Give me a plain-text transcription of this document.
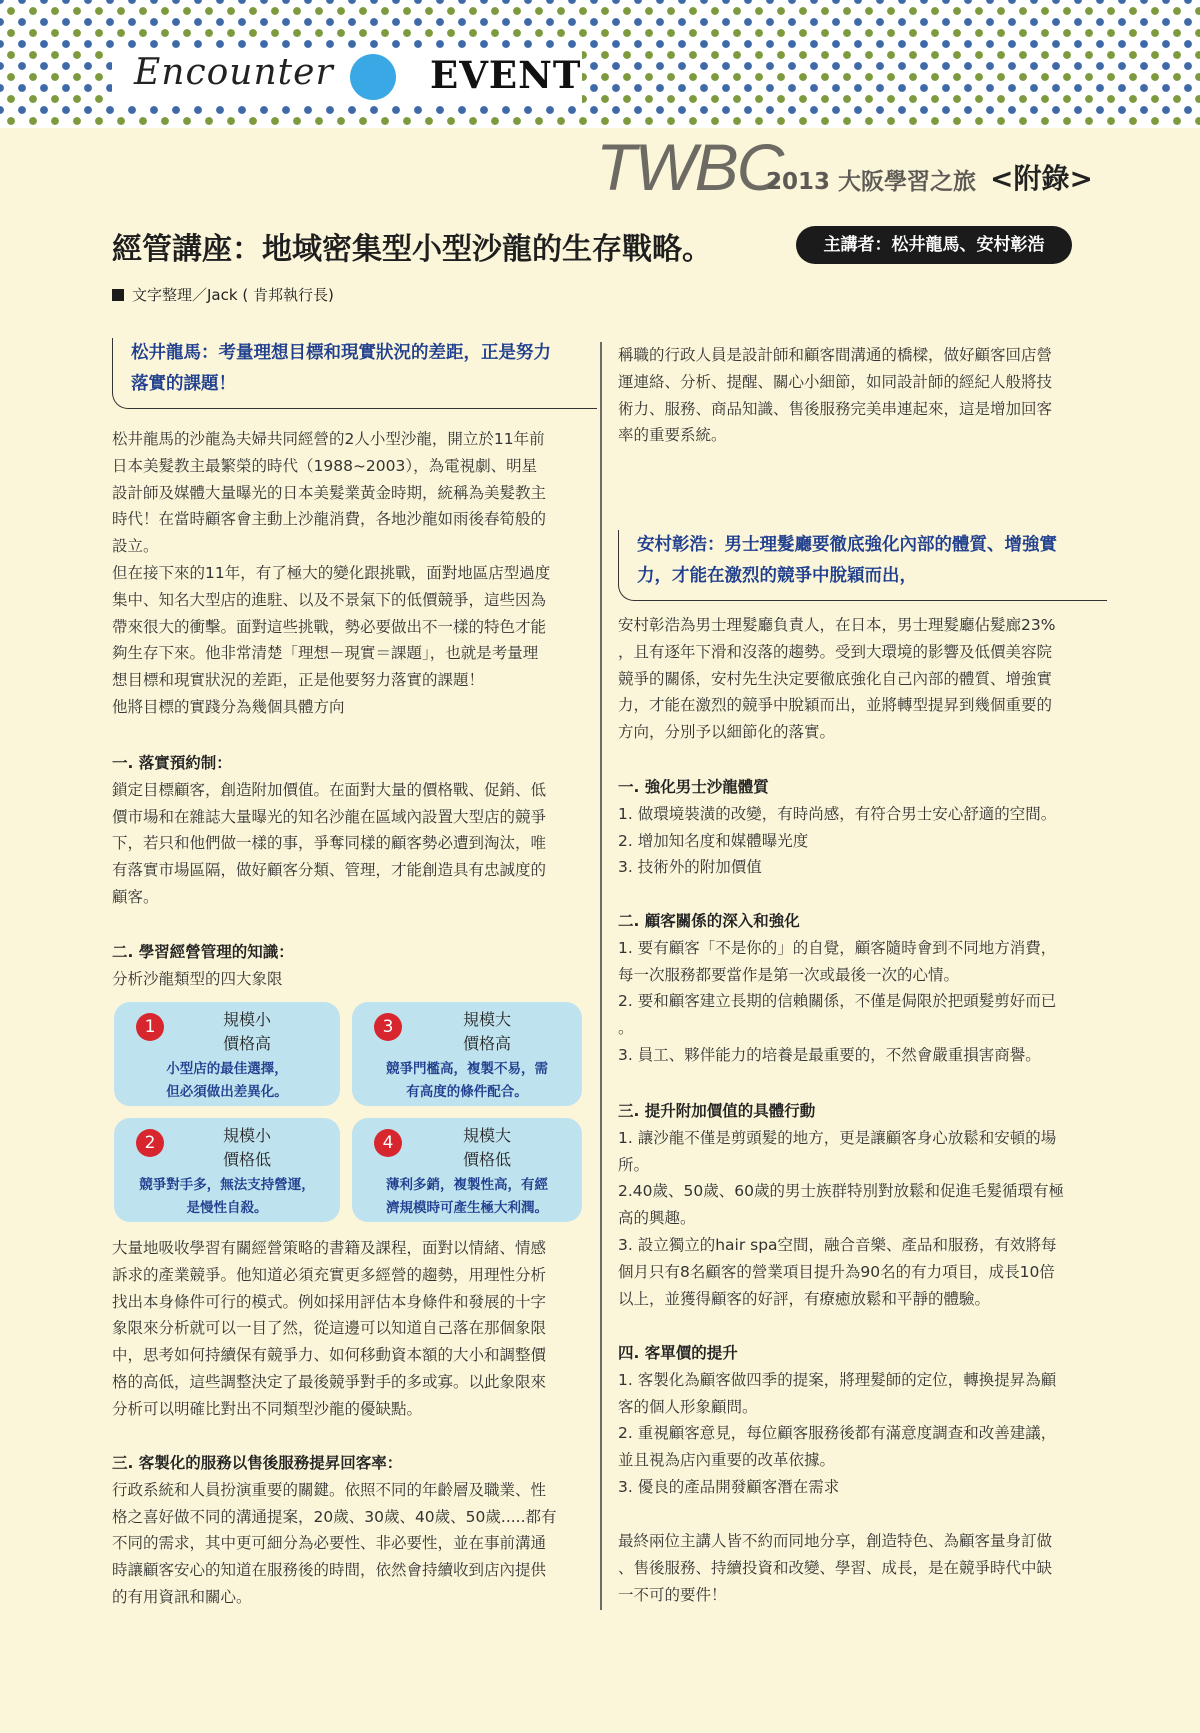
Encounter	EVENT
TWBC
2013 大阪學習之旅 <附錄>
經管講座：地域密集型小型沙龍的生存戰略。	主講者：松井龍馬、安村彰浩
文字整理／Jack ( 肯邦執行長)
松井龍馬：考量理想目標和現實狀況的差距，正是努力
落實的課題！

松井龍馬的沙龍為夫婦共同經營的2人小型沙龍，開立於11年前

日本美髮教主最繁榮的時代（1988~2003），為電視劇、明星

設計師及媒體大量曝光的日本美髮業黃金時期，統稱為美髮教主

時代！在當時顧客會主動上沙龍消費，各地沙龍如雨後春筍般的

設立。

但在接下來的11年，有了極大的變化跟挑戰，面對地區店型過度

集中、知名大型店的進駐、以及不景氣下的低價競爭，這些因為

帶來很大的衝擊。面對這些挑戰，勢必要做出不一樣的特色才能

夠生存下來。他非常清楚「理想－現實＝課題」，也就是考量理

想目標和現實狀況的差距，正是他要努力落實的課題！

他將目標的實踐分為幾個具體方向

一. 落實預約制：

鎖定目標顧客，創造附加價值。在面對大量的價格戰、促銷、低

價市場和在雜誌大量曝光的知名沙龍在區域內設置大型店的競爭

下，若只和他們做一樣的事，爭奪同樣的顧客勢必遭到淘汰，唯

有落實市場區隔，做好顧客分類、管理，才能創造具有忠誠度的

顧客。

二. 學習經營管理的知識：

分析沙龍類型的四大象限

1	規模小
價格高
小型店的最佳選擇，
但必須做出差異化。
3	規模大
價格高
競爭門檻高，複製不易，需
有高度的條件配合。
2	規模小
價格低
競爭對手多，無法支持營運，
是慢性自殺。
4	規模大
價格低
薄利多銷，複製性高，有經
濟規模時可產生極大利潤。

大量地吸收學習有關經營策略的書籍及課程，面對以情緒、情感

訴求的產業競爭。他知道必須充實更多經營的趨勢，用理性分析

找出本身條件可行的模式。例如採用評估本身條件和發展的十字

象限來分析就可以一目了然，從這邊可以知道自己落在那個象限

中，思考如何持續保有競爭力、如何移動資本額的大小和調整價

格的高低，這些調整決定了最後競爭對手的多或寡。以此象限來

分析可以明確比對出不同類型沙龍的優缺點。

三. 客製化的服務以售後服務提昇回客率：

行政系統和人員扮演重要的關鍵。依照不同的年齡層及職業、性

格之喜好做不同的溝通提案，20歲、30歲、40歲、50歲.....都有

不同的需求，其中更可細分為必要性、非必要性，並在事前溝通

時讓顧客安心的知道在服務後的時間，依然會持續收到店內提供

的有用資訊和關心。

稱職的行政人員是設計師和顧客間溝通的橋樑，做好顧客回店營

運連絡、分析、提醒、關心小細節，如同設計師的經紀人般將技

術力、服務、商品知識、售後服務完美串連起來，這是增加回客

率的重要系統。

安村彰浩：男士理髮廳要徹底強化內部的體質、增強實
力，才能在激烈的競爭中脫穎而出，

安村彰浩為男士理髮廳負責人，在日本，男士理髮廳佔髮廊23%

，且有逐年下滑和沒落的趨勢。受到大環境的影響及低價美容院

競爭的關係，安村先生決定要徹底強化自己內部的體質、增強實

力，才能在激烈的競爭中脫穎而出，並將轉型提昇到幾個重要的

方向，分別予以細節化的落實。

一. 強化男士沙龍體質

1. 做環境裝潢的改變，有時尚感，有符合男士安心舒適的空間。

2. 增加知名度和媒體曝光度

3. 技術外的附加價值

二. 顧客關係的深入和強化

1. 要有顧客「不是你的」的自覺，顧客隨時會到不同地方消費，

每一次服務都要當作是第一次或最後一次的心情。

2. 要和顧客建立長期的信賴關係，不僅是侷限於把頭髮剪好而已

。

3. 員工、夥伴能力的培養是最重要的，不然會嚴重損害商譽。

三. 提升附加價值的具體行動

1. 讓沙龍不僅是剪頭髮的地方，更是讓顧客身心放鬆和安頓的場

所。

2.40歲、50歲、60歲的男士族群特別對放鬆和促進毛髮循環有極

高的興趣。

3. 設立獨立的hair spa空間，融合音樂、產品和服務，有效將每

個月只有8名顧客的營業項目提升為90名的有力項目，成長10倍

以上，並獲得顧客的好評，有療癒放鬆和平靜的體驗。

四. 客單價的提升

1. 客製化為顧客做四季的提案，將理髮師的定位，轉換提昇為顧

客的個人形象顧問。

2. 重視顧客意見，每位顧客服務後都有滿意度調查和改善建議，

並且視為店內重要的改革依據。

3. 優良的產品開發顧客潛在需求

最終兩位主講人皆不約而同地分享，創造特色、為顧客量身訂做

、售後服務、持續投資和改變、學習、成長，是在競爭時代中缺

一不可的要件！
